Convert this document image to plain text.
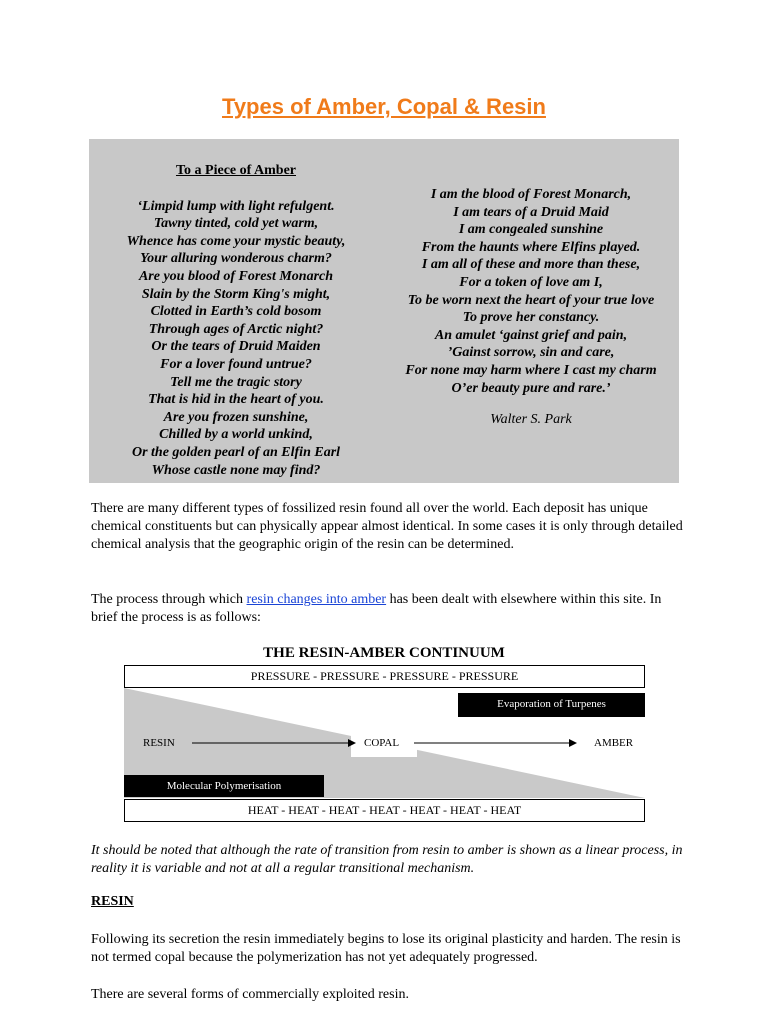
Types of Amber, Copal & Resin
To a Piece of Amber
‘Limpid lump with light refulgent.
Tawny tinted, cold yet warm,
Whence has come your mystic beauty,
Your alluring wonderous charm?
Are you blood of Forest Monarch
Slain by the Storm King's might,
Clotted in Earth’s cold bosom
Through ages of Arctic night?
Or the tears of Druid Maiden
For a lover found untrue?
Tell me the tragic story
That is hid in the heart of you.
Are you frozen sunshine,
Chilled by a world unkind,
Or the golden pearl of an Elfin Earl
Whose castle none may find?
I am the blood of Forest Monarch,
I am tears of a Druid Maid
I am congealed sunshine
From the haunts where Elfins played.
I am all of these and more than these,
For a token of love am I,
To be worn next the heart of your true love
To prove her constancy.
An amulet ‘gainst grief and pain,
’Gainst sorrow, sin and care,
For none may harm where I cast my charm
O’er beauty pure and rare.’
Walter S. Park
There are many different types of fossilized resin found all over the world. Each deposit has unique chemical constituents but can physically appear almost identical. In some cases it is only through detailed chemical analysis that the geographic origin of the resin can be determined.
The process through which resin changes into amber has been dealt with elsewhere within this site. In brief the process is as follows:
THE RESIN-AMBER CONTINUUM
PRESSURE - PRESSURE - PRESSURE - PRESSURE
Evaporation of Turpenes
Molecular Polymerisation
RESIN	COPAL	AMBER
HEAT - HEAT - HEAT - HEAT - HEAT - HEAT - HEAT
It should be noted that although the rate of transition from resin to amber is shown as a linear process, in reality it is variable and not at all a regular transitional mechanism.
RESIN
Following its secretion the resin immediately begins to lose its original plasticity and harden. The resin is not termed copal because the polymerization has not yet adequately progressed.
There are several forms of commercially exploited resin.
